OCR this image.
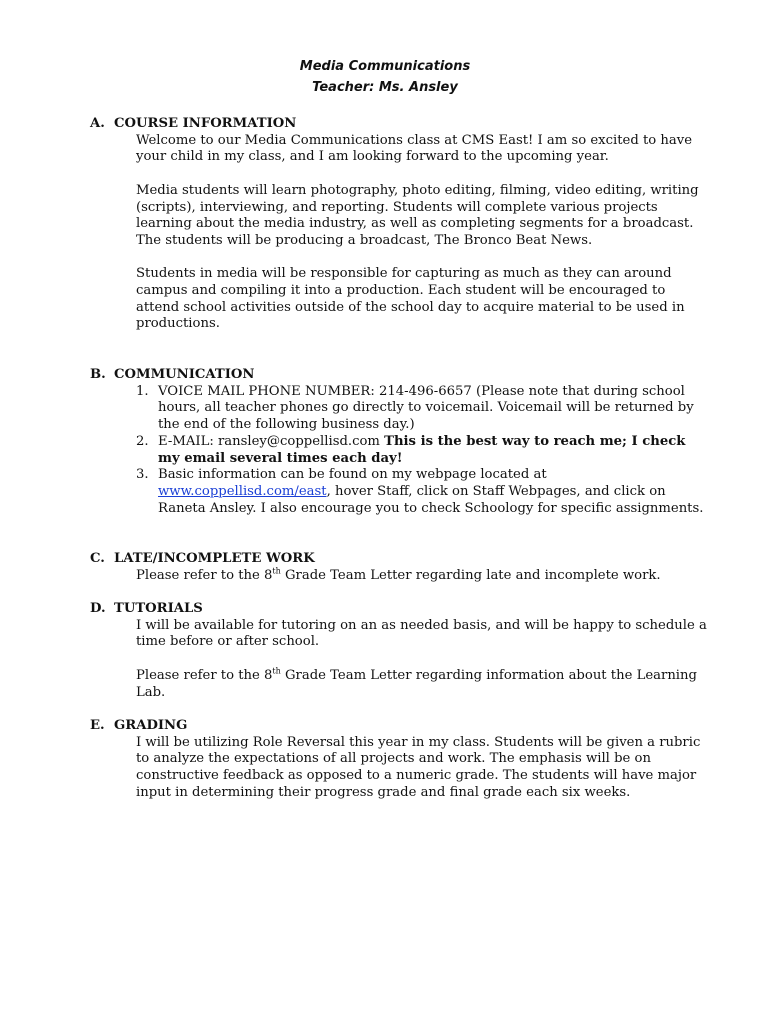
Media Communications
Teacher: Ms. Ansley

A. COURSE INFORMATION

Welcome to our Media Communications class at CMS East! I am so excited to have your child in my class, and I am looking forward to the upcoming year.

Media students will learn photography, photo editing, filming, video editing, writing (scripts), interviewing, and reporting. Students will complete various projects learning about the media industry, as well as completing segments for a broadcast. The students will be producing a broadcast, The Bronco Beat News.

Students in media will be responsible for capturing as much as they can around campus and compiling it into a production. Each student will be encouraged to attend school activities outside of the school day to acquire material to be used in productions.

B. COMMUNICATION

1. VOICE MAIL PHONE NUMBER: 214-496-6657 (Please note that during school hours, all teacher phones go directly to voicemail. Voicemail will be returned by the end of the following business day.)
2. E-MAIL: ransley@coppellisd.com This is the best way to reach me; I check my email several times each day!
3. Basic information can be found on my webpage located at www.coppellisd.com/east, hover Staff, click on Staff Webpages, and click on Raneta Ansley. I also encourage you to check Schoology for specific assignments.

C. LATE/INCOMPLETE WORK

Please refer to the 8th Grade Team Letter regarding late and incomplete work.

D. TUTORIALS

I will be available for tutoring on an as needed basis, and will be happy to schedule a time before or after school.

Please refer to the 8th Grade Team Letter regarding information about the Learning Lab.

E. GRADING

I will be utilizing Role Reversal this year in my class. Students will be given a rubric to analyze the expectations of all projects and work. The emphasis will be on constructive feedback as opposed to a numeric grade. The students will have major input in determining their progress grade and final grade each six weeks.
